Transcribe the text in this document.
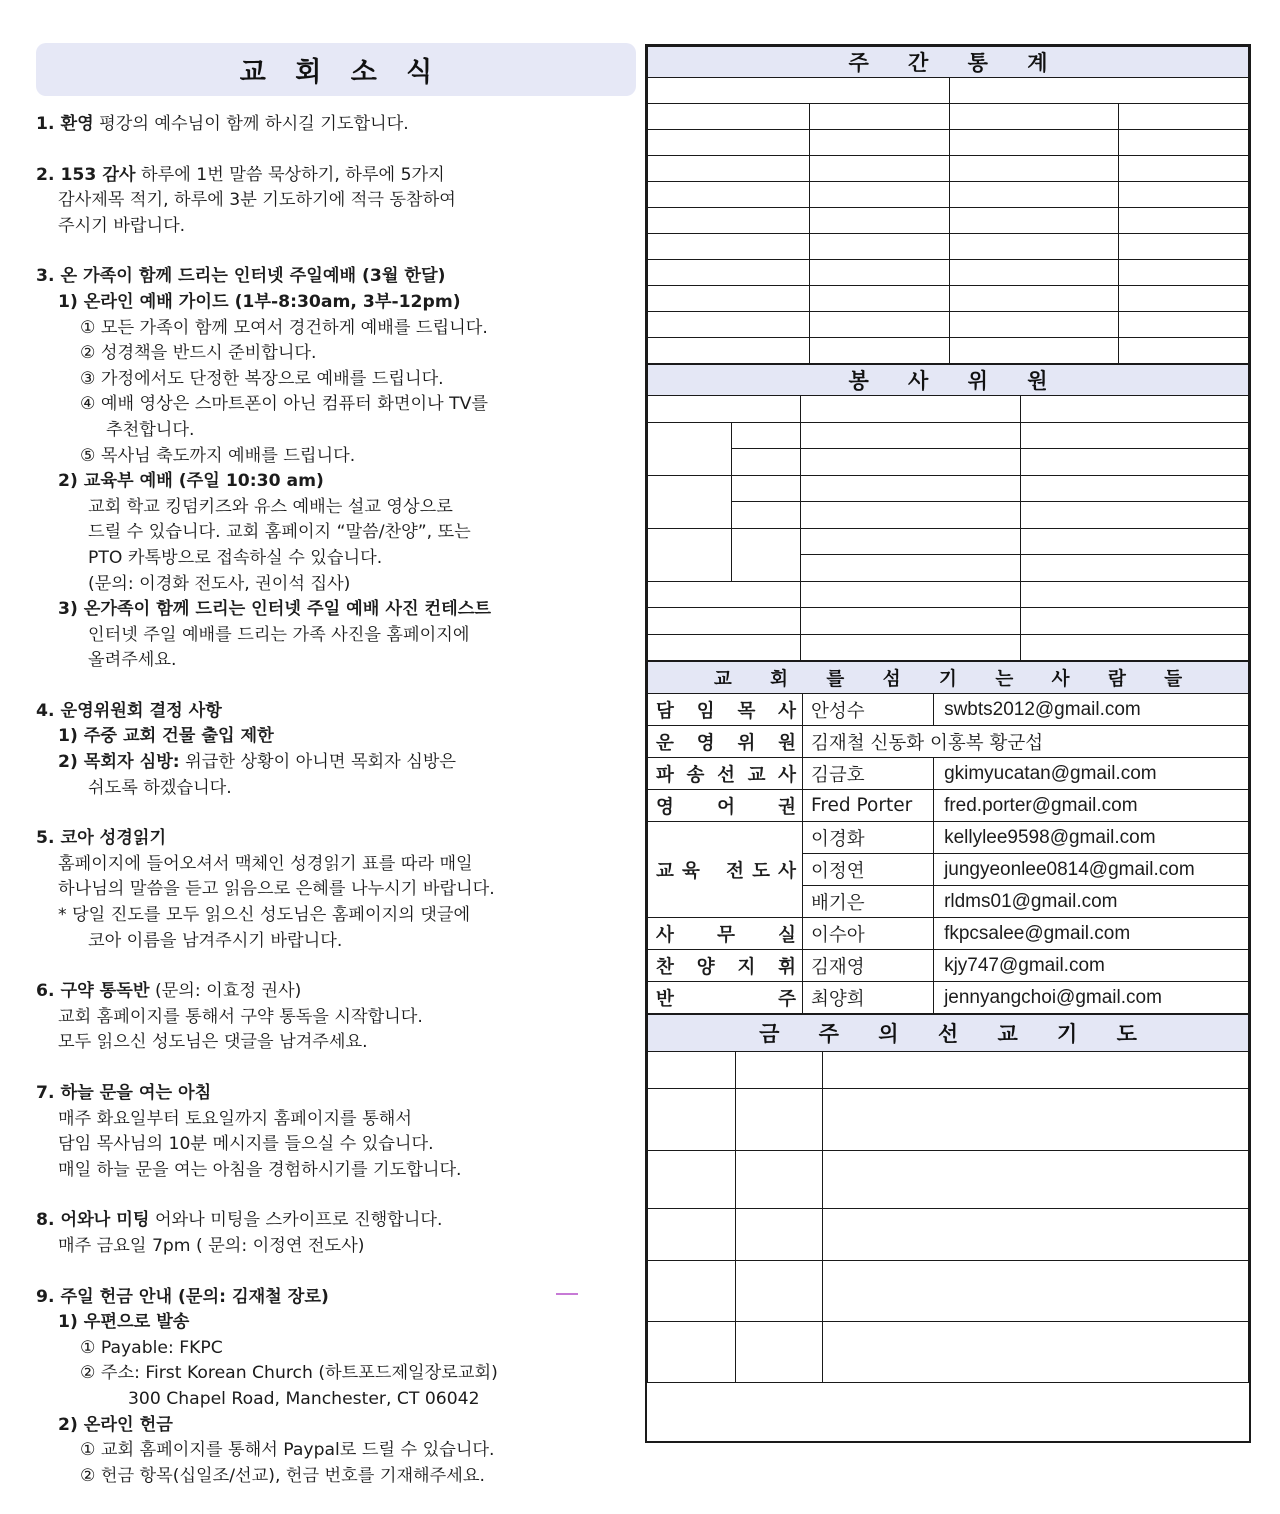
교 회 소 식
1. 환영 평강의 예수님이 함께 하시길 기도합니다.
2. 153 감사 하루에 1번 말씀 묵상하기, 하루에 5가지
감사제목 적기, 하루에 3분 기도하기에 적극 동참하여
주시기 바랍니다.
3. 온 가족이 함께 드리는 인터넷 주일예배 (3월 한달)
1) 온라인 예배 가이드 (1부-8:30am, 3부-12pm)
① 모든 가족이 함께 모여서 경건하게 예배를 드립니다.
② 성경책을 반드시 준비합니다.
③ 가정에서도 단정한 복장으로 예배를 드립니다.
④ 예배 영상은 스마트폰이 아닌 컴퓨터 화면이나 TV를
추천합니다.
⑤ 목사님 축도까지 예배를 드립니다.
2) 교육부 예배 (주일 10:30 am)
교회 학교 킹덤키즈와 유스 예배는 설교 영상으로
드릴 수 있습니다. 교회 홈페이지 “말씀/찬양”, 또는
PTO 카톡방으로 접속하실 수 있습니다.
(문의: 이경화 전도사, 권이석 집사)
3) 온가족이 함께 드리는 인터넷 주일 예배 사진 컨테스트
인터넷 주일 예배를 드리는 가족 사진을 홈페이지에
올려주세요.
4. 운영위원회 결정 사항
1) 주중 교회 건물 출입 제한
2) 목회자 심방: 위급한 상황이 아니면 목회자 심방은
쉬도록 하겠습니다.
5. 코아 성경읽기
홈페이지에 들어오셔서 맥체인 성경읽기 표를 따라 매일
하나님의 말씀을 듣고 읽음으로 은혜를 나누시기 바랍니다.
* 당일 진도를 모두 읽으신 성도님은 홈페이지의 댓글에
코아 이름을 남겨주시기 바랍니다.
6. 구약 통독반 (문의: 이효정 권사)
교회 홈페이지를 통해서 구약 통독을 시작합니다.
모두 읽으신 성도님은 댓글을 남겨주세요.
7. 하늘 문을 여는 아침
매주 화요일부터 토요일까지 홈페이지를 통해서
담임 목사님의 10분 메시지를 들으실 수 있습니다.
매일 하늘 문을 여는 아침을 경험하시기를 기도합니다.
8. 어와나 미팅 어와나 미팅을 스카이프로 진행합니다.
매주 금요일 7pm ( 문의: 이정연 전도사)
9. 주일 헌금 안내 (문의: 김재철 장로)
1) 우편으로 발송
① Payable: FKPC
② 주소: First Korean Church (하트포드제일장로교회)
300 Chapel Road, Manchester, CT 06042
2) 온라인 헌금
① 교회 홈페이지를 통해서 Paypal로 드릴 수 있습니다.
② 헌금 항목(십일조/선교), 헌금 번호를 기재해주세요.
주 간 통 계			

봉 사 위 원			

교 회 를 섬 기 는 사 람 들		

담 임 목 사	안성수	swbts2012@gmail.com

운 영 위 원	김재철 신동화 이홍복 황군섭	

파 송 선 교 사	김금호	gkimyucatan@gmail.com

영 어 권	Fred Porter	fred.porter@gmail.com

교 육 전 도 사	이경화	kellylee9598@gmail.com
	이정연	jungyeonlee0814@gmail.com
	배기은	rldms01@gmail.com

사 무 실	이수아	fkpcsalee@gmail.com

찬 양 지 휘	김재영	kjy747@gmail.com

반 주	최양희	jennyangchoi@gmail.com
금 주 의 선 교 기 도		
